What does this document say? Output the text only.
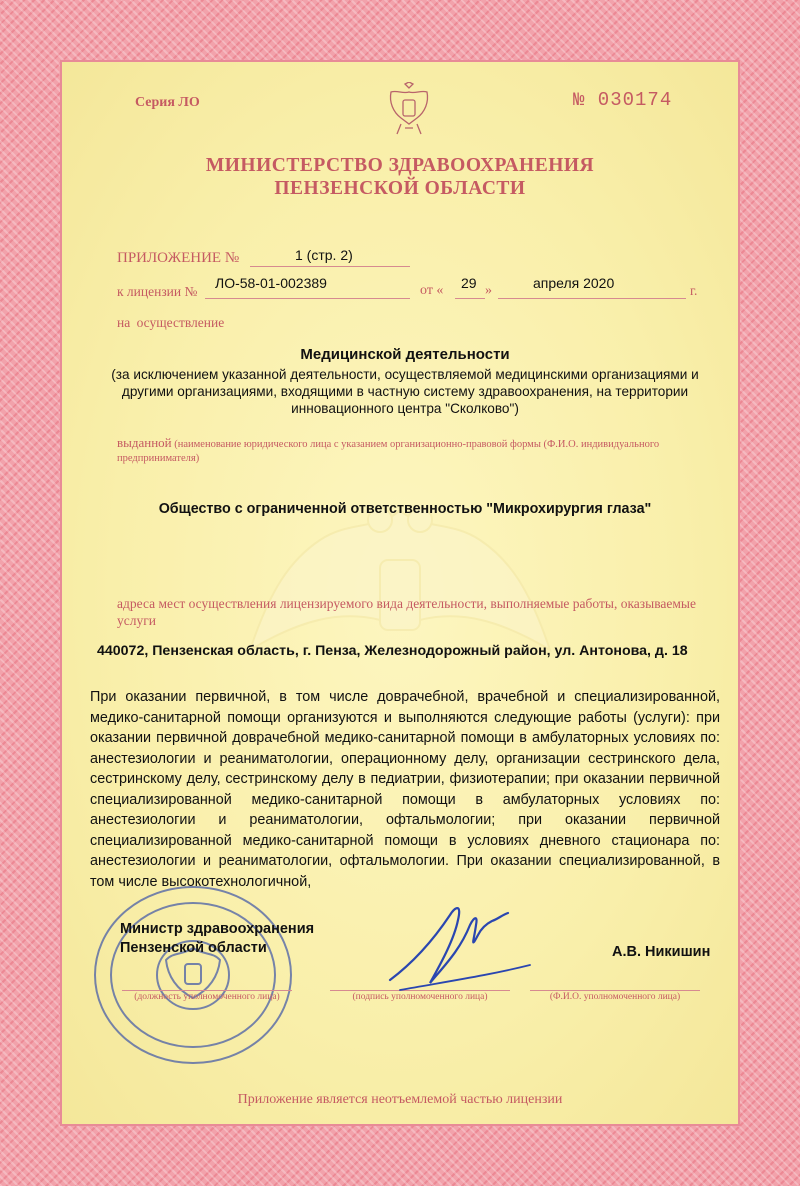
Серия ЛО	№ 030174
МИНИСТЕРСТВО ЗДРАВООХРАНЕНИЯ
ПЕНЗЕНСКОЙ ОБЛАСТИ
ПРИЛОЖЕНИЕ №	1 (стр. 2)
к лицензии №
ЛО-58-01-002389	от « 29 »	апреля 2020	г.
на осуществление
Медицинской деятельности
(за исключением указанной деятельности, осуществляемой медицинскими организациями и другими организациями, входящими в частную систему здравоохранения, на территории инновационного центра "Сколково")
выданной (наименование юридического лица с указанием организационно-правовой формы (Ф.И.О. индивидуального предпринимателя)
Общество с ограниченной ответственностью "Микрохирургия глаза"
адреса мест осуществления лицензируемого вида деятельности, выполняемые работы, оказываемые услуги
440072, Пензенская область, г. Пенза, Железнодорожный район, ул. Антонова, д. 18
При оказании первичной, в том числе доврачебной, врачебной и специализированной, медико-санитарной помощи организуются и выполняются следующие работы (услуги): при оказании первичной доврачебной медико-санитарной помощи в амбулаторных условиях по: анестезиологии и реаниматологии, операционному делу, организации сестринского дела, сестринскому делу, сестринскому делу в педиатрии, физиотерапии; при оказании первичной специализированной медико-санитарной помощи в амбулаторных условиях по: анестезиологии и реаниматологии, офтальмологии; при оказании первичной специализированной медико-санитарной помощи в условиях дневного стационара по: анестезиологии и реаниматологии, офтальмологии. При оказании специализированной, в том числе высокотехнологичной,
Министр здравоохранения
Пензенской области	А.В. Никишин
(должность уполномоченного лица)	(подпись уполномоченного лица)	(Ф.И.О. уполномоченного лица)
Приложение является неотъемлемой частью лицензии
